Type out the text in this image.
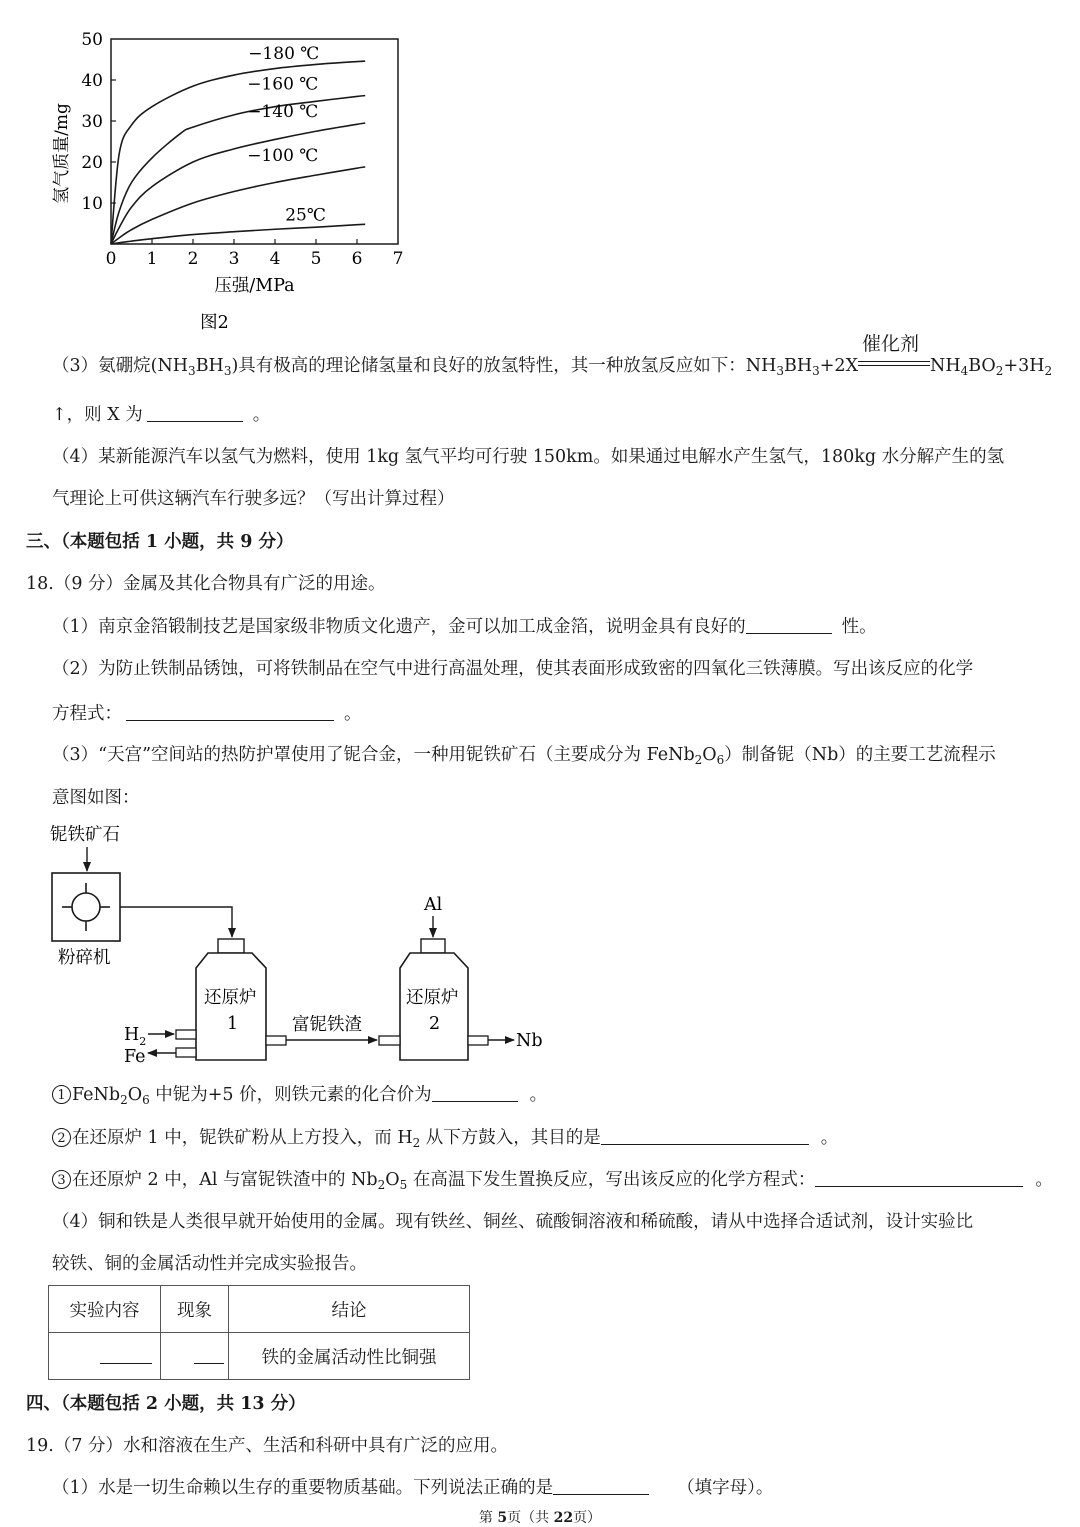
0 1 2 3 4 5 6 7
10
20
30
40
50
压强/MPa
氢气质量/mg
图2
−180 ℃
−160 ℃
−140 ℃
−100 ℃
25℃
（3）氨硼烷$(NH_3BH_3)$具有极高的理论储氢量和良好的放氢特性，其一种放氢反应如下：$NH_3BH_3+2X$
催化剂
$NH_4BO_2+3H_2$
↑，则 X 为	。
（4）某新能源汽车以氢气为燃料，使用 1kg 氢气平均可行驶 150km。如果通过电解水产生氢气，180kg 水分解产生的氢
气理论上可供这辆汽车行驶多远？（写出计算过程）
三、（本题包括 1 小题，共 9 分）
18.（9 分）金属及其化合物具有广泛的用途。
（1）南京金箔锻制技艺是国家级非物质文化遗产，金可以加工成金箔，说明金具有良好的	性。
（2）为防止铁制品锈蚀，可将铁制品在空气中进行高温处理，使其表面形成致密的四氧化三铁薄膜。写出该反应的化学
方程式：	。
（3）“天宫”空间站的热防护罩使用了铌合金，一种用铌铁矿石（主要成分为 $FeNb_2O_6$）制备铌（Nb）的主要工艺流程示
意图如图：
铌铁矿石
粉碎机
还原炉
1
$H_2$
Fe
富铌铁渣
Al
还原炉
2
Nb
1 $FeNb_2O_6$ 中铌为+5 价，则铁元素的化合价为	。
2 在还原炉 1 中，铌铁矿粉从上方投入，而 $H_2$ 从下方鼓入，其目的是	。
3 在还原炉 2 中，Al 与富铌铁渣中的 $Nb_2O_5$ 在高温下发生置换反应，写出该反应的化学方程式：	。
（4）铜和铁是人类很早就开始使用的金属。现有铁丝、铜丝、硫酸铜溶液和稀硫酸，请从中选择合适试剂，设计实验比
较铁、铜的金属活动性并完成实验报告。
实验内容	现象	结论
		铁的金属活动性比铜强
四、（本题包括 2 小题，共 13 分）
19.（7 分）水和溶液在生产、生活和科研中具有广泛的应用。
（1）水是一切生命赖以生存的重要物质基础。下列说法正确的是	（填字母）。
第 5页（共 22页）
